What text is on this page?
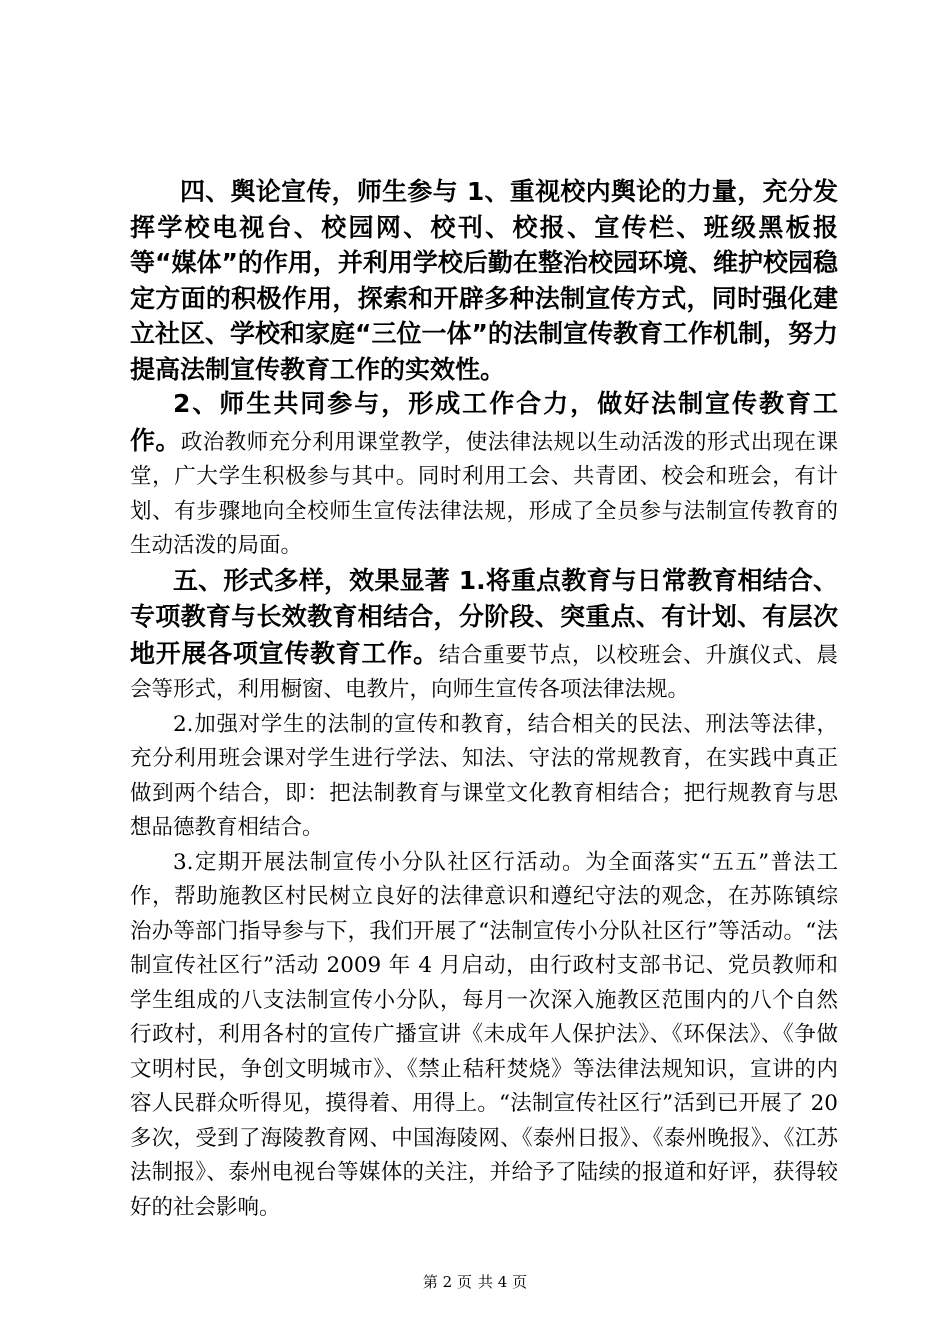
四、舆论宣传，师生参与 1、重视校内舆论的力量，充分发挥学校电视台、校园网、校刊、校报、宣传栏、班级黑板报等“媒体”的作用，并利用学校后勤在整治校园环境、维护校园稳定方面的积极作用，探索和开辟多种法制宣传方式，同时强化建立社区、学校和家庭“三位一体”的法制宣传教育工作机制，努力提高法制宣传教育工作的实效性。

2、师生共同参与，形成工作合力，做好法制宣传教育工作。政治教师充分利用课堂教学，使法律法规以生动活泼的形式出现在课堂，广大学生积极参与其中。同时利用工会、共青团、校会和班会，有计划、有步骤地向全校师生宣传法律法规，形成了全员参与法制宣传教育的生动活泼的局面。

五、形式多样，效果显著 1.将重点教育与日常教育相结合、专项教育与长效教育相结合，分阶段、突重点、有计划、有层次地开展各项宣传教育工作。结合重要节点，以校班会、升旗仪式、晨会等形式，利用橱窗、电教片，向师生宣传各项法律法规。

2.加强对学生的法制的宣传和教育，结合相关的民法、刑法等法律，充分利用班会课对学生进行学法、知法、守法的常规教育，在实践中真正做到两个结合，即：把法制教育与课堂文化教育相结合；把行规教育与思想品德教育相结合。

3.定期开展法制宣传小分队社区行活动。为全面落实“五五”普法工作，帮助施教区村民树立良好的法律意识和遵纪守法的观念，在苏陈镇综治办等部门指导参与下，我们开展了“法制宣传小分队社区行”等活动。“法制宣传社区行”活动 2009 年 4 月启动，由行政村支部书记、党员教师和学生组成的八支法制宣传小分队，每月一次深入施教区范围内的八个自然行政村，利用各村的宣传广播宣讲《未成年人保护法》、《环保法》、《争做文明村民，争创文明城市》、《禁止秸秆焚烧》等法律法规知识，宣讲的内容人民群众听得见，摸得着、用得上。“法制宣传社区行”活到已开展了 20 多次，受到了海陵教育网、中国海陵网、《泰州日报》、《泰州晚报》、《江苏法制报》、泰州电视台等媒体的关注，并给予了陆续的报道和好评，获得较好的社会影响。

第 2 页 共 4 页
